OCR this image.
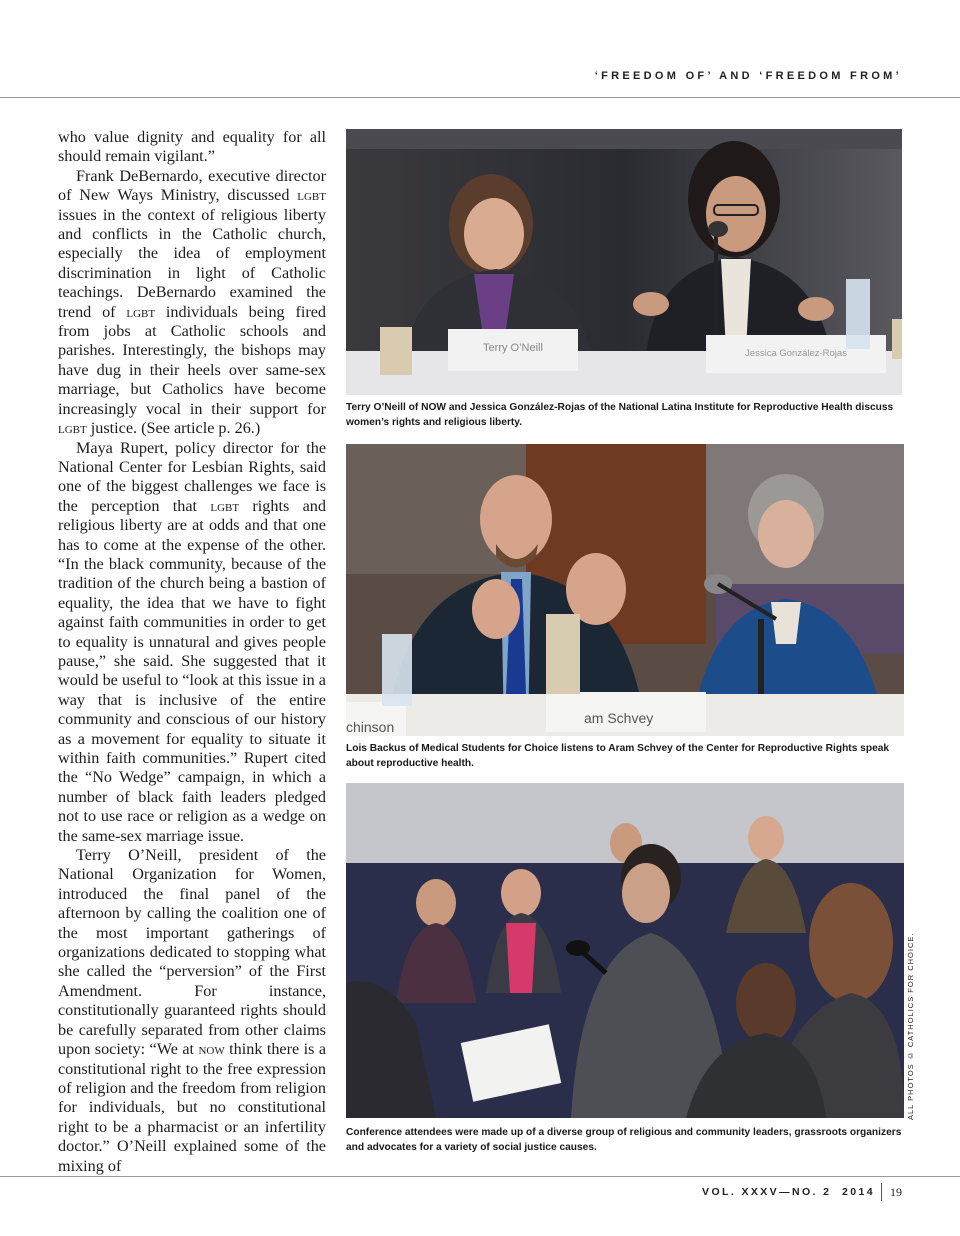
‘FREEDOM OF’ AND ‘FREEDOM FROM’

who value dignity and equality for all should remain vigilant.”

Frank DeBernardo, executive director of New Ways Ministry, discussed lgbt issues in the context of religious liberty and conflicts in the Catholic church, especially the idea of employment discrimination in light of Catholic teachings. DeBernardo examined the trend of lgbt individuals being fired from jobs at Catholic schools and parishes. Interestingly, the bishops may have dug in their heels over same-sex marriage, but Catholics have become increasingly vocal in their support for lgbt justice. (See article p. 26.)

Maya Rupert, policy director for the National Center for Lesbian Rights, said one of the biggest challenges we face is the perception that lgbt rights and religious liberty are at odds and that one has to come at the expense of the other. “In the black community, because of the tradition of the church being a bastion of equality, the idea that we have to fight against faith communities in order to get to equality is unnatural and gives people pause,” she said. She suggested that it would be useful to “look at this issue in a way that is inclusive of the entire community and conscious of our history as a movement for equality to situate it within faith communities.” Rupert cited the “No Wedge” campaign, in which a number of black faith leaders pledged not to use race or religion as a wedge on the same-sex marriage issue.

Terry O’Neill, president of the National Organization for Women, introduced the final panel of the afternoon by calling the coalition one of the most important gatherings of organizations dedicated to stopping what she called the “perversion” of the First Amendment. For instance, constitutionally guaranteed rights should be carefully separated from other claims upon society: “We at now think there is a constitutional right to the free expression of religion and the freedom from religion for individuals, but no constitutional right to be a pharmacist or an infertility doctor.” O’Neill explained some of the mixing of

Terry O’Neill	Jessica González-Rojas
Terry O’Neill of NOW and Jessica González-Rojas of the National Latina Institute for Reproductive Health discuss women’s rights and religious liberty.
chinson
am Schvey
Lois Backus of Medical Students for Choice listens to Aram Schvey of the Center for Reproductive Rights speak about reproductive health.
Conference attendees were made up of a diverse group of religious and community leaders, grassroots organizers and advocates for a variety of social justice causes.
ALL PHOTOS © CATHOLICS FOR CHOICE.
VOL. XXXV—NO. 2  2014 19
